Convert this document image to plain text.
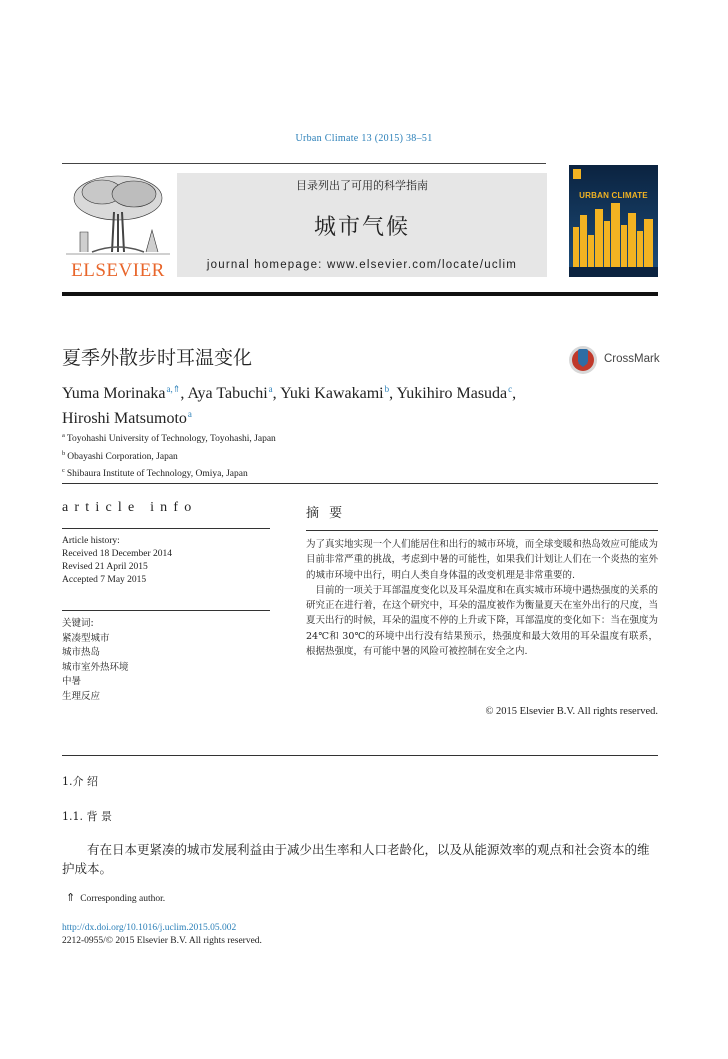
Urban Climate 13 (2015) 38–51
ELSEVIER
目录列出了可用的科学指南
城市气候
journal homepage: www.elsevier.com/locate/uclim
URBAN CLIMATE
夏季外散步时耳温变化	CrossMark
Yuma Morinaka$^{a,⇑}$, Aya Tabuchi$^a$, Yuki Kawakami$^b$, Yukihiro Masuda$^c$,
Hiroshi Matsumoto$^a$
$^a$ Toyohashi University of Technology, Toyohashi, Japan
$^b$ Obayashi Corporation, Japan
$^c$ Shibaura Institute of Technology, Omiya, Japan
article info
Article history:
Received 18 December 2014
Revised 21 April 2015
Accepted 7 May 2015
关键词:
紧凑型城市
城市热岛
城市室外热环境
中暑
生理反应
摘 要

为了真实地实现一个人们能居住和出行的城市环境，而全球变暖和热岛效应可能成为目前非常严重的挑战，考虑到中暑的可能性，如果我们计划让人们在一个炎热的室外的城市环境中出行，明白人类自身体温的改变机理是非常重要的.

目前的一项关于耳部温度变化以及耳朵温度和在真实城市环境中遇热强度的关系的研究正在进行着，在这个研究中，耳朵的温度被作为衡量夏天在室外出行的尺度，当夏天出行的时候，耳朵的温度不停的上升或下降，耳部温度的变化如下：当在强度为 24℃和 30℃的环境中出行没有结果预示，热强度和最大效用的耳朵温度有联系，根据热强度，有可能中暑的风险可被控制在安全之内.

© 2015 Elsevier B.V. All rights reserved.
1.介 绍
1.1. 背 景
有在日本更紧凑的城市发展利益由于减少出生率和人口老龄化，以及从能源效率的观点和社会资本的维护成本。
⇑ Corresponding author.
http://dx.doi.org/10.1016/j.uclim.2015.05.002
2212-0955/© 2015 Elsevier B.V. All rights reserved.
